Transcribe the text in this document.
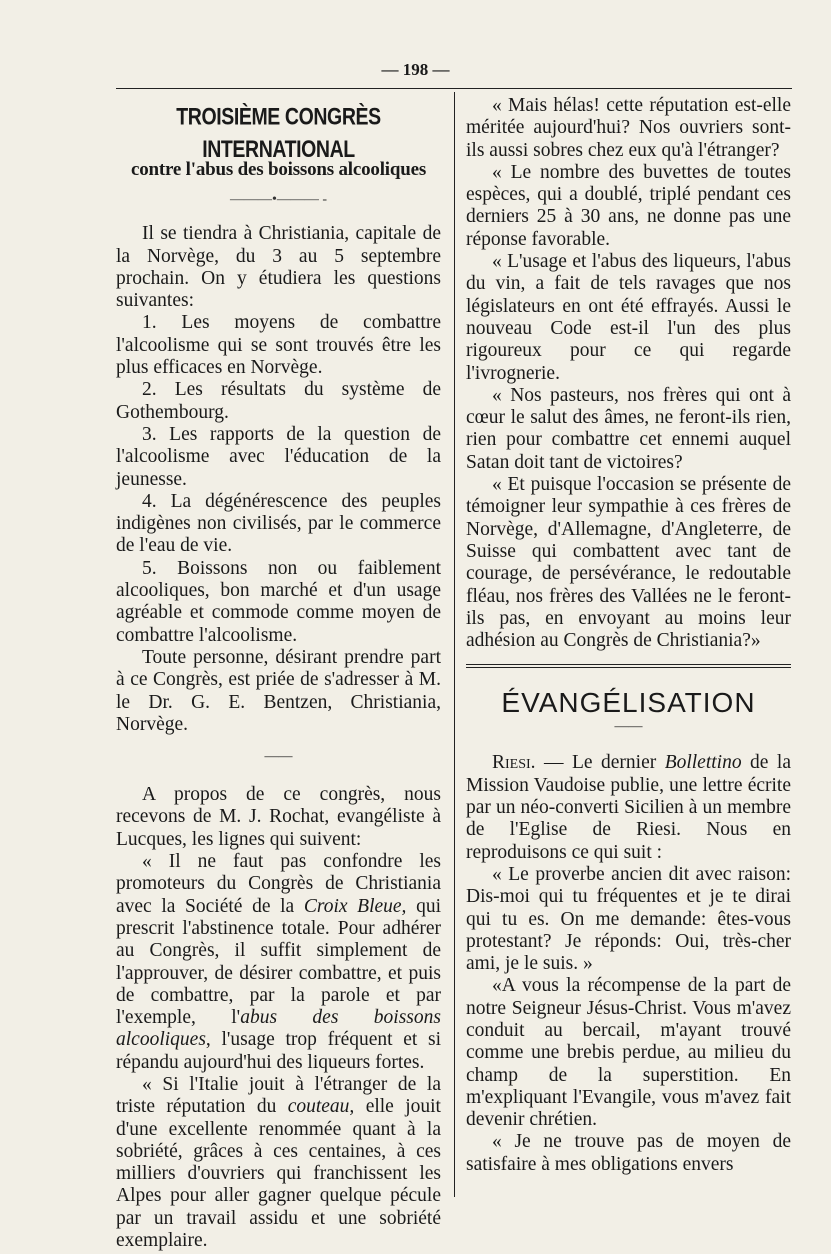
— 198 —
TROISIÈME CONGRÈS INTERNATIONAL

contre l'abus des boissons alcooliques

———•——— -

Il se tiendra à Christiania, capitale de la Norvège, du 3 au 5 septembre prochain. On y étudiera les questions suivantes:

1. Les moyens de combattre l'alcoolisme qui se sont trouvés être les plus efficaces en Norvège.

2. Les résultats du système de Gothembourg.

3. Les rapports de la question de l'alcoolisme avec l'éducation de la jeunesse.

4. La dégénérescence des peuples indigènes non civilisés, par le commerce de l'eau de vie.

5. Boissons non ou faiblement alcooliques, bon marché et d'un usage agréable et commode comme moyen de combattre l'alcoolisme.

Toute personne, désirant prendre part à ce Congrès, est priée de s'adresser à M. le Dr. G. E. Bentzen, Christiania, Norvège.

——

A propos de ce congrès, nous recevons de M. J. Rochat, evangéliste à Lucques, les lignes qui suivent:

« Il ne faut pas confondre les promoteurs du Congrès de Christiania avec la Société de la Croix Bleue, qui prescrit l'abstinence totale. Pour adhérer au Congrès, il suffit simplement de l'approuver, de désirer combattre, et puis de combattre, par la parole et par l'exemple, l'abus des boissons alcooliques, l'usage trop fréquent et si répandu aujourd'hui des liqueurs fortes.

« Si l'Italie jouit à l'étranger de la triste réputation du couteau, elle jouit d'une excellente renommée quant à la sobriété, grâces à ces centaines, à ces milliers d'ouvriers qui franchissent les Alpes pour aller gagner quelque pécule par un travail assidu et une sobriété exemplaire.

« Mais hélas! cette réputation est-elle méritée aujourd'hui? Nos ouvriers sont-ils aussi sobres chez eux qu'à l'étranger?

« Le nombre des buvettes de toutes espèces, qui a doublé, triplé pendant ces derniers 25 à 30 ans, ne donne pas une réponse favorable.

« L'usage et l'abus des liqueurs, l'abus du vin, a fait de tels ravages que nos législateurs en ont été effrayés. Aussi le nouveau Code est-il l'un des plus rigoureux pour ce qui regarde l'ivrognerie.

« Nos pasteurs, nos frères qui ont à cœur le salut des âmes, ne feront-ils rien, rien pour combattre cet ennemi auquel Satan doit tant de victoires?

« Et puisque l'occasion se présente de témoigner leur sympathie à ces frères de Norvège, d'Allemagne, d'Angleterre, de Suisse qui combattent avec tant de courage, de persévérance, le redoutable fléau, nos frères des Vallées ne le feront-ils pas, en envoyant au moins leur adhésion au Congrès de Christiania?»

ÉVANGÉLISATION
——

Riesi. — Le dernier Bollettino de la Mission Vaudoise publie, une lettre écrite par un néo-converti Sicilien à un membre de l'Eglise de Riesi. Nous en reproduisons ce qui suit :

« Le proverbe ancien dit avec raison: Dis-moi qui tu fréquentes et je te dirai qui tu es. On me demande: êtes-vous protestant? Je réponds: Oui, très-cher ami, je le suis. »

«A vous la récompense de la part de notre Seigneur Jésus-Christ. Vous m'avez conduit au bercail, m'ayant trouvé comme une brebis perdue, au milieu du champ de la superstition. En m'expliquant l'Evangile, vous m'avez fait devenir chrétien.

« Je ne trouve pas de moyen de satisfaire à mes obligations envers
